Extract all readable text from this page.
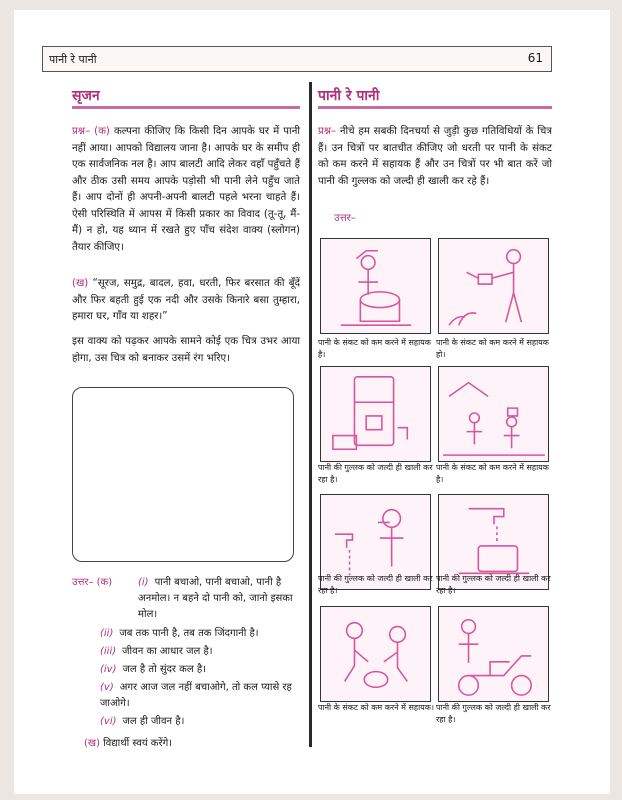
पानी रे पानी	61
सृजन
प्रश्न– (क) कल्पना कीजिए कि किसी दिन आपके घर में पानी नहीं आया। आपको विद्यालय जाना है। आपके घर के समीप ही एक सार्वजनिक नल है। आप बालटी आदि लेकर वहाँ पहुँचते हैं और ठीक उसी समय आपके पड़ोसी भी पानी लेने पहुँच जाते हैं। आप दोनों ही अपनी-अपनी बालटी पहले भरना चाहते हैं। ऐसी परिस्थिति में आपस में किसी प्रकार का विवाद (तू-तू, मैं-मैं) न हो, यह ध्यान में रखते हुए पाँच संदेश वाक्य (स्लोगन) तैयार कीजिए।
(ख) “सूरज, समुद्र, बादल, हवा, धरती, फिर बरसात की बूँदें और फिर बहती हुई एक नदी और उसके किनारे बसा तुम्हारा, हमारा घर, गाँव या शहर।”
इस वाक्य को पढ़कर आपके सामने कोई एक चित्र उभर आया होगा, उस चित्र को बनाकर उसमें रंग भरिए।
उत्तर– (क)	(i) पानी बचाओ, पानी बचाओ, पानी है अनमोल। न बहने दो पानी को, जानो इसका मोल।
(ii) जब तक पानी है, तब तक जिंदगानी है।
(iii) जीवन का आधार जल है।
(iv) जल है तो सुंदर कल है।
(v) अगर आज जल नहीं बचाओगे, तो कल प्यासे रह जाओगे।
(vi) जल ही जीवन है।
(ख) विद्यार्थी स्वयं करेंगे।
पानी रे पानी
प्रश्न– नीचे हम सबकी दिनचर्या से जुड़ी कुछ गतिविधियों के चित्र हैं। उन चित्रों पर बातचीत कीजिए जो धरती पर पानी के संकट को कम करने में सहायक हैं और उन चित्रों पर भी बात करें जो पानी की गुल्लक को जल्दी ही खाली कर रहे हैं।
उत्तर–
पानी के संकट को कम करने में सहायक है।
पानी के संकट को कम करने में सहायक हो।
पानी की गुल्लक को जल्दी ही खाली कर रहा है।
पानी के संकट को कम करने में सहायक है।
पानी की गुल्लक को जल्दी ही खाली कर रहा है।
पानी की गुल्लक को जल्दी ही खाली कर रहा है।
पानी के संकट को कम करने में सहायक। पानी की गुल्लक को जल्दी ही खाली कर रहा है।
